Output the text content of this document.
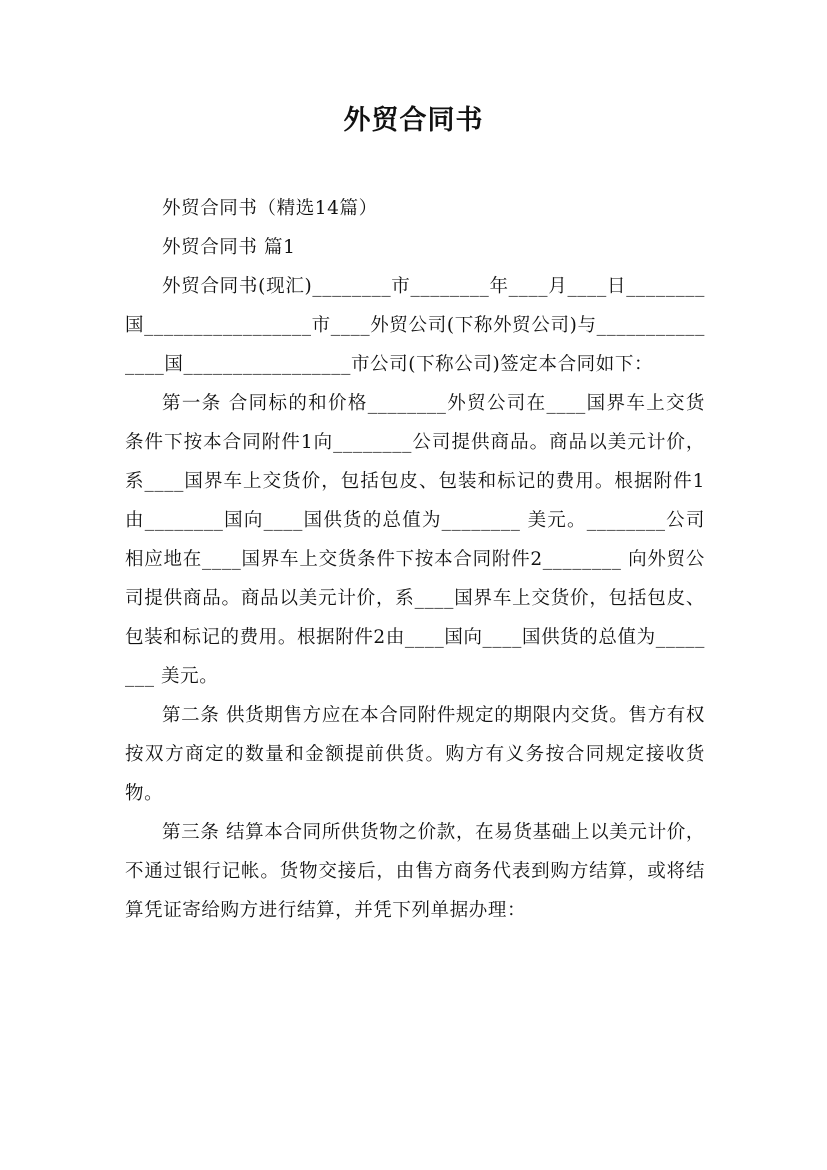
外贸合同书

外贸合同书（精选14篇）

外贸合同书 篇1

外贸合同书(现汇)________市________年____月____日________国_________________市____外贸公司(下称外贸公司)与_______________国_________________市公司(下称公司)签定本合同如下：

第一条 合同标的和价格________外贸公司在____国界车上交货条件下按本合同附件1向________公司提供商品。商品以美元计价，系____国界车上交货价，包括包皮、包装和标记的费用。根据附件1由________国向____国供货的总值为________ 美元。________公司相应地在____国界车上交货条件下按本合同附件2________ 向外贸公司提供商品。商品以美元计价，系____国界车上交货价，包括包皮、包装和标记的费用。根据附件2由____国向____国供货的总值为________ 美元。

第二条 供货期售方应在本合同附件规定的期限内交货。售方有权按双方商定的数量和金额提前供货。购方有义务按合同规定接收货物。

第三条 结算本合同所供货物之价款，在易货基础上以美元计价，不通过银行记帐。货物交接后，由售方商务代表到购方结算，或将结算凭证寄给购方进行结算，并凭下列单据办理：
